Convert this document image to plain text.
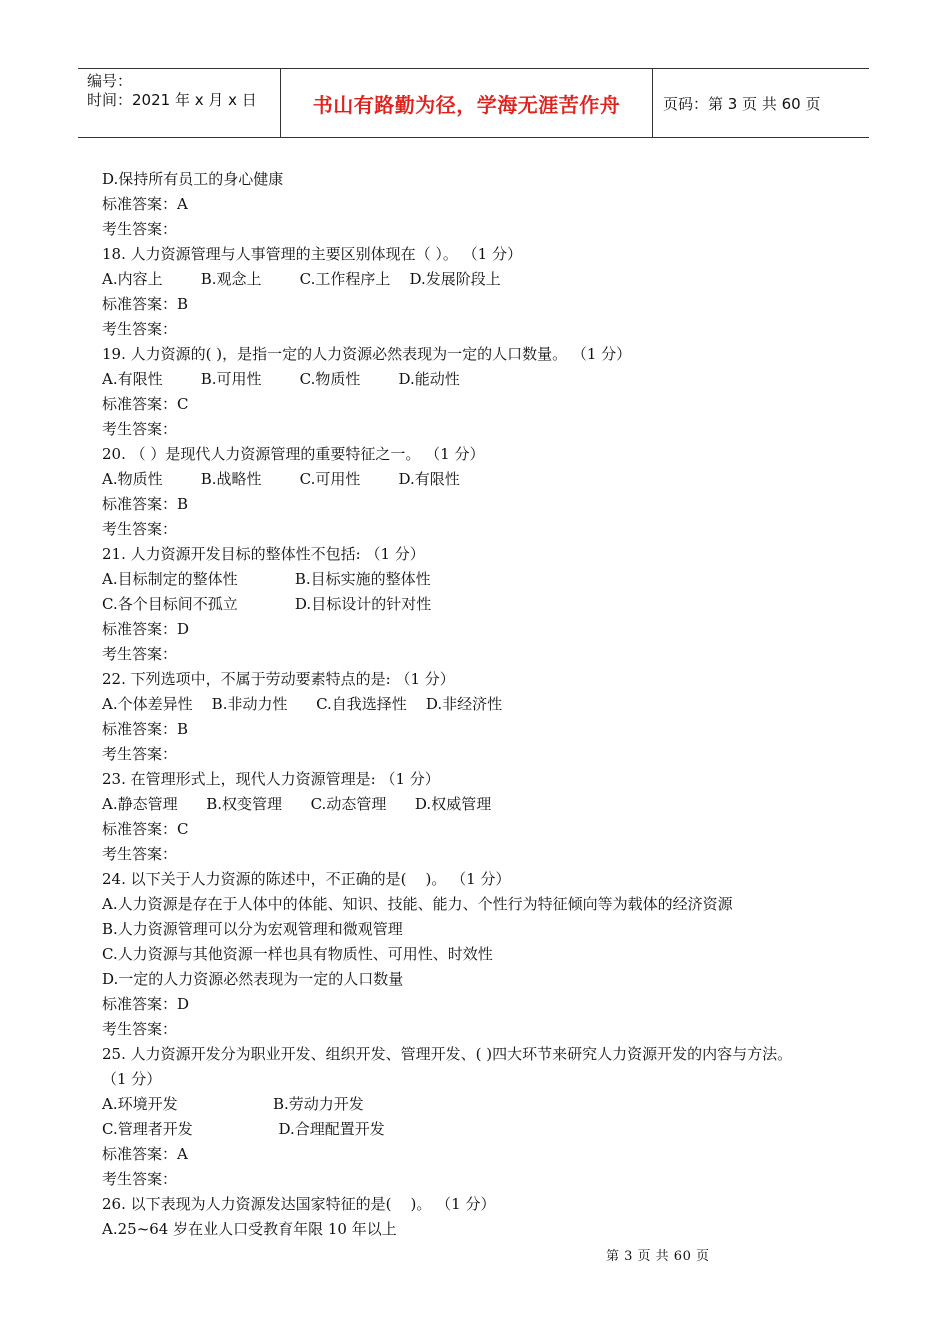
编号：
时间：2021 年 x 月 x 日	书山有路勤为径，学海无涯苦作舟	页码：第 3 页 共 60 页
D.保持所有员工的身心健康
标准答案：A
考生答案：
18. 人力资源管理与人事管理的主要区别体现在（ ）。 （1 分）
A.内容上        B.观念上        C.工作程序上    D.发展阶段上
标准答案：B
考生答案：
19. 人力资源的( )，是指一定的人力资源必然表现为一定的人口数量。 （1 分）
A.有限性        B.可用性        C.物质性        D.能动性
标准答案：C
考生答案：
20. （ ）是现代人力资源管理的重要特征之一。 （1 分）
A.物质性        B.战略性        C.可用性        D.有限性
标准答案：B
考生答案：
21. 人力资源开发目标的整体性不包括: （1 分）
A.目标制定的整体性            B.目标实施的整体性
C.各个目标间不孤立            D.目标设计的针对性
标准答案：D
考生答案：
22. 下列选项中，不属于劳动要素特点的是: （1 分）
A.个体差异性    B.非动力性      C.自我选择性    D.非经济性
标准答案：B
考生答案：
23. 在管理形式上，现代人力资源管理是: （1 分）
A.静态管理      B.权变管理      C.动态管理      D.权威管理
标准答案：C
考生答案：
24. 以下关于人力资源的陈述中，不正确的是(    )。 （1 分）
A.人力资源是存在于人体中的体能、知识、技能、能力、个性行为特征倾向等为载体的经济资源
B.人力资源管理可以分为宏观管理和微观管理
C.人力资源与其他资源一样也具有物质性、可用性、时效性
D.一定的人力资源必然表现为一定的人口数量
标准答案：D
考生答案：
25. 人力资源开发分为职业开发、组织开发、管理开发、( )四大环节来研究人力资源开发的内容与方法。
（1 分）
A.环境开发                    B.劳动力开发
C.管理者开发                  D.合理配置开发
标准答案：A
考生答案：
26. 以下表现为人力资源发达国家特征的是(    )。 （1 分）
A.25~64 岁在业人口受教育年限 10 年以上
第 3 页 共 60 页
